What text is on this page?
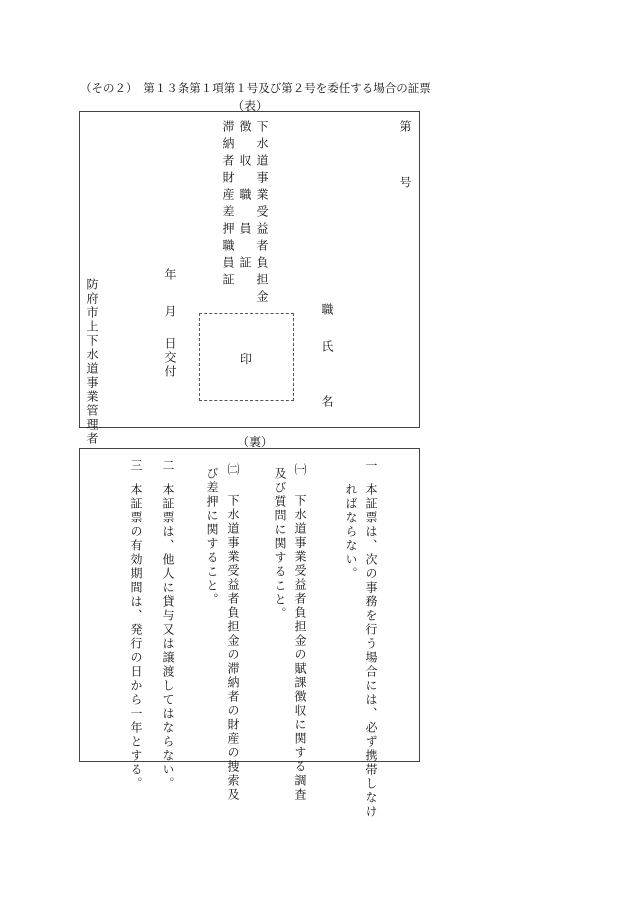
（その２）　第１３条第１項第１号及び第２号を委任する場合の証票
（表）
第
号
下水道事業受益者負担金
徴　収　職　員　証
滞納者財産差押職員証
職
氏
名
印
年
月
日交付
防府市上下水道事業管理者	（裏）
一
本証票は、次の事務を行う場合には、必ず携帯しなけ
ればならない。
㈠
下水道事業受益者負担金の賦課徴収に関する調査
及び質問に関すること。
㈡
下水道事業受益者負担金の滞納者の財産の捜索及
び差押に関すること。
二
本証票は、他人に貸与又は譲渡してはならない。
三
本証票の有効期間は、発行の日から一年とする。
